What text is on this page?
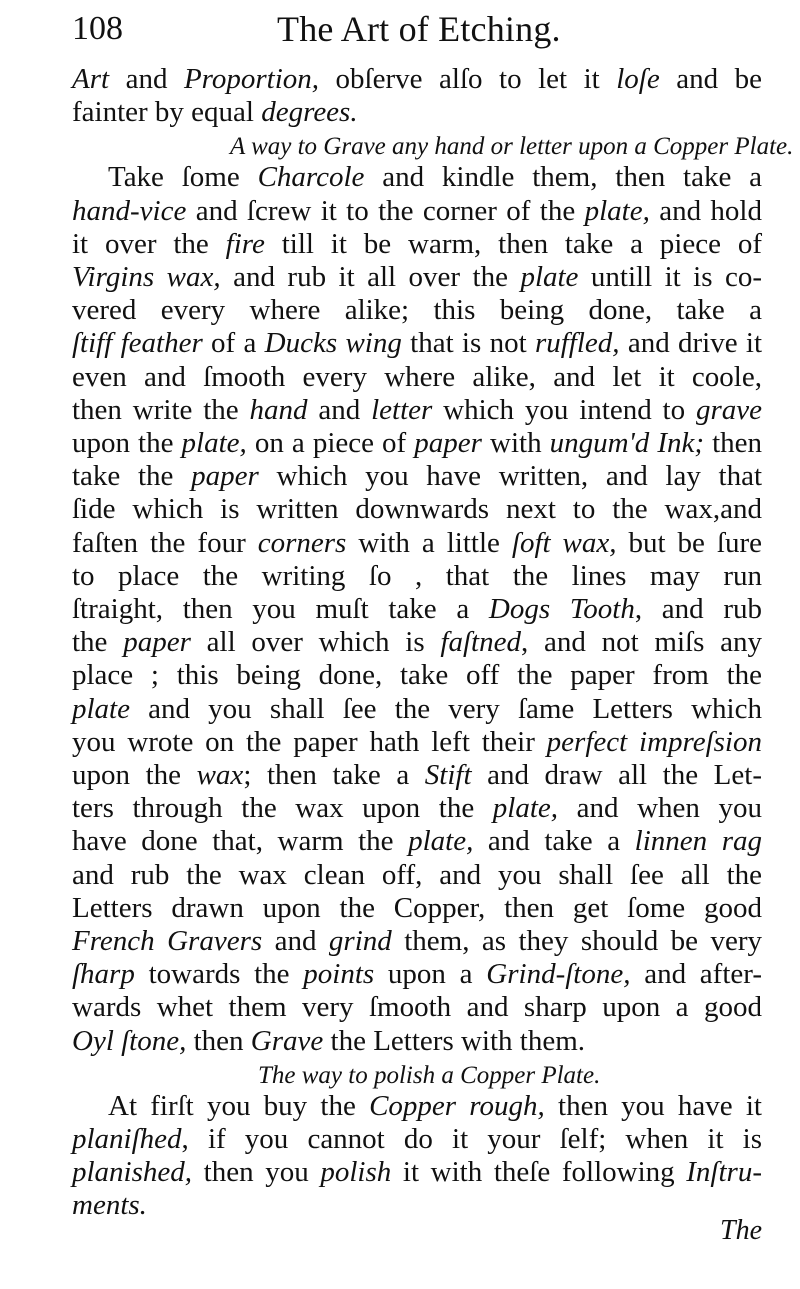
108	The Art of Etching.
Art and Proportion, obſerve alſo to let it loſe and be
fainter by equal degrees.
A way to Grave any hand or letter upon a Copper Plate.
Take ſome Charcole and kindle them, then take a
hand-vice and ſcrew it to the corner of the plate, and hold
it over the fire till it be warm, then take a piece of
Virgins wax, and rub it all over the plate untill it is co-
vered every where alike; this being done, take a
ſtiff feather of a Ducks wing that is not ruffled, and drive it
even and ſmooth every where alike, and let it coole,
then write the hand and letter which you intend to grave
upon the plate, on a piece of paper with ungum'd Ink; then
take the paper which you have written, and lay that
ſide which is written downwards next to the wax,and
faſten the four corners with a little ſoft wax, but be ſure
to place the writing ſo , that the lines may run
ſtraight, then you muſt take a Dogs Tooth, and rub
the paper all over which is faſtned, and not miſs any
place ; this being done, take off the paper from the
plate and you shall ſee the very ſame Letters which
you wrote on the paper hath left their perfect impreſsion
upon the wax; then take a Stift and draw all the Let-
ters through the wax upon the plate, and when you
have done that, warm the plate, and take a linnen rag
and rub the wax clean off, and you shall ſee all the
Letters drawn upon the Copper, then get ſome good
French Gravers and grind them, as they should be very
ſharp towards the points upon a Grind-ſtone, and after-
wards whet them very ſmooth and sharp upon a good
Oyl ſtone, then Grave the Letters with them.
The way to polish a Copper Plate.
At firſt you buy the Copper rough, then you have it
planiſhed, if you cannot do it your ſelf; when it is
planished, then you polish it with theſe following Inſtru-
ments.
The
